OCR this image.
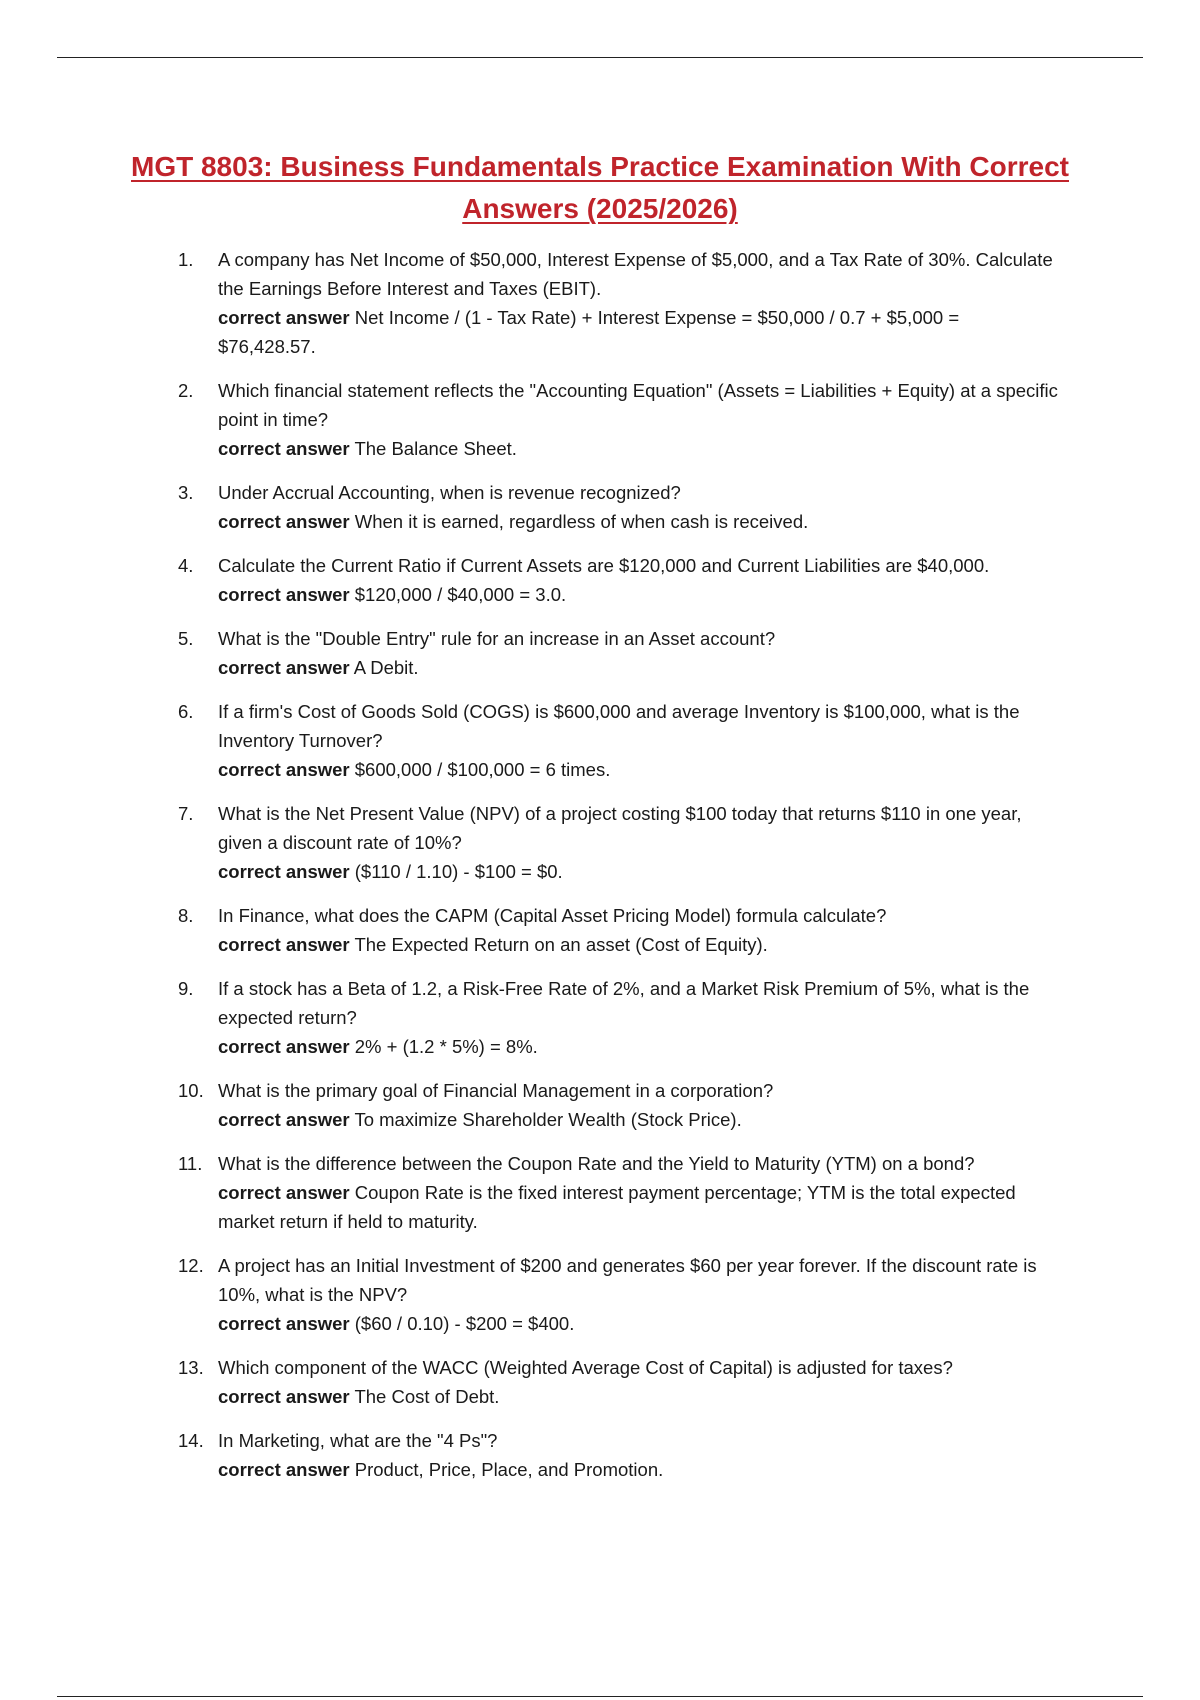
MGT 8803: Business Fundamentals Practice Examination With Correct Answers (2025/2026)
1.	A company has Net Income of $50,000, Interest Expense of $5,000, and a Tax Rate of 30%. Calculate the Earnings Before Interest and Taxes (EBIT).
correct answer Net Income / (1 - Tax Rate) + Interest Expense = $50,000 / 0.7 + $5,000 = $76,428.57.
2.	Which financial statement reflects the "Accounting Equation" (Assets = Liabilities + Equity) at a specific point in time?
correct answer The Balance Sheet.
3.	Under Accrual Accounting, when is revenue recognized?
correct answer When it is earned, regardless of when cash is received.
4.	Calculate the Current Ratio if Current Assets are $120,000 and Current Liabilities are $40,000.
correct answer $120,000 / $40,000 = 3.0.
5.	What is the "Double Entry" rule for an increase in an Asset account?
correct answer A Debit.
6.	If a firm's Cost of Goods Sold (COGS) is $600,000 and average Inventory is $100,000, what is the Inventory Turnover?
correct answer $600,000 / $100,000 = 6 times.
7.	What is the Net Present Value (NPV) of a project costing $100 today that returns $110 in one year, given a discount rate of 10%?
correct answer ($110 / 1.10) - $100 = $0.
8.	In Finance, what does the CAPM (Capital Asset Pricing Model) formula calculate?
correct answer The Expected Return on an asset (Cost of Equity).
9.	If a stock has a Beta of 1.2, a Risk-Free Rate of 2%, and a Market Risk Premium of 5%, what is the expected return?
correct answer 2% + (1.2 * 5%) = 8%.
10. What is the primary goal of Financial Management in a corporation?
correct answer To maximize Shareholder Wealth (Stock Price).
11. What is the difference between the Coupon Rate and the Yield to Maturity (YTM) on a bond?
correct answer Coupon Rate is the fixed interest payment percentage; YTM is the total expected market return if held to maturity.
12. A project has an Initial Investment of $200 and generates $60 per year forever. If the discount rate is 10%, what is the NPV?
correct answer ($60 / 0.10) - $200 = $400.
13. Which component of the WACC (Weighted Average Cost of Capital) is adjusted for taxes?
correct answer The Cost of Debt.
14. In Marketing, what are the "4 Ps"?
correct answer Product, Price, Place, and Promotion.
